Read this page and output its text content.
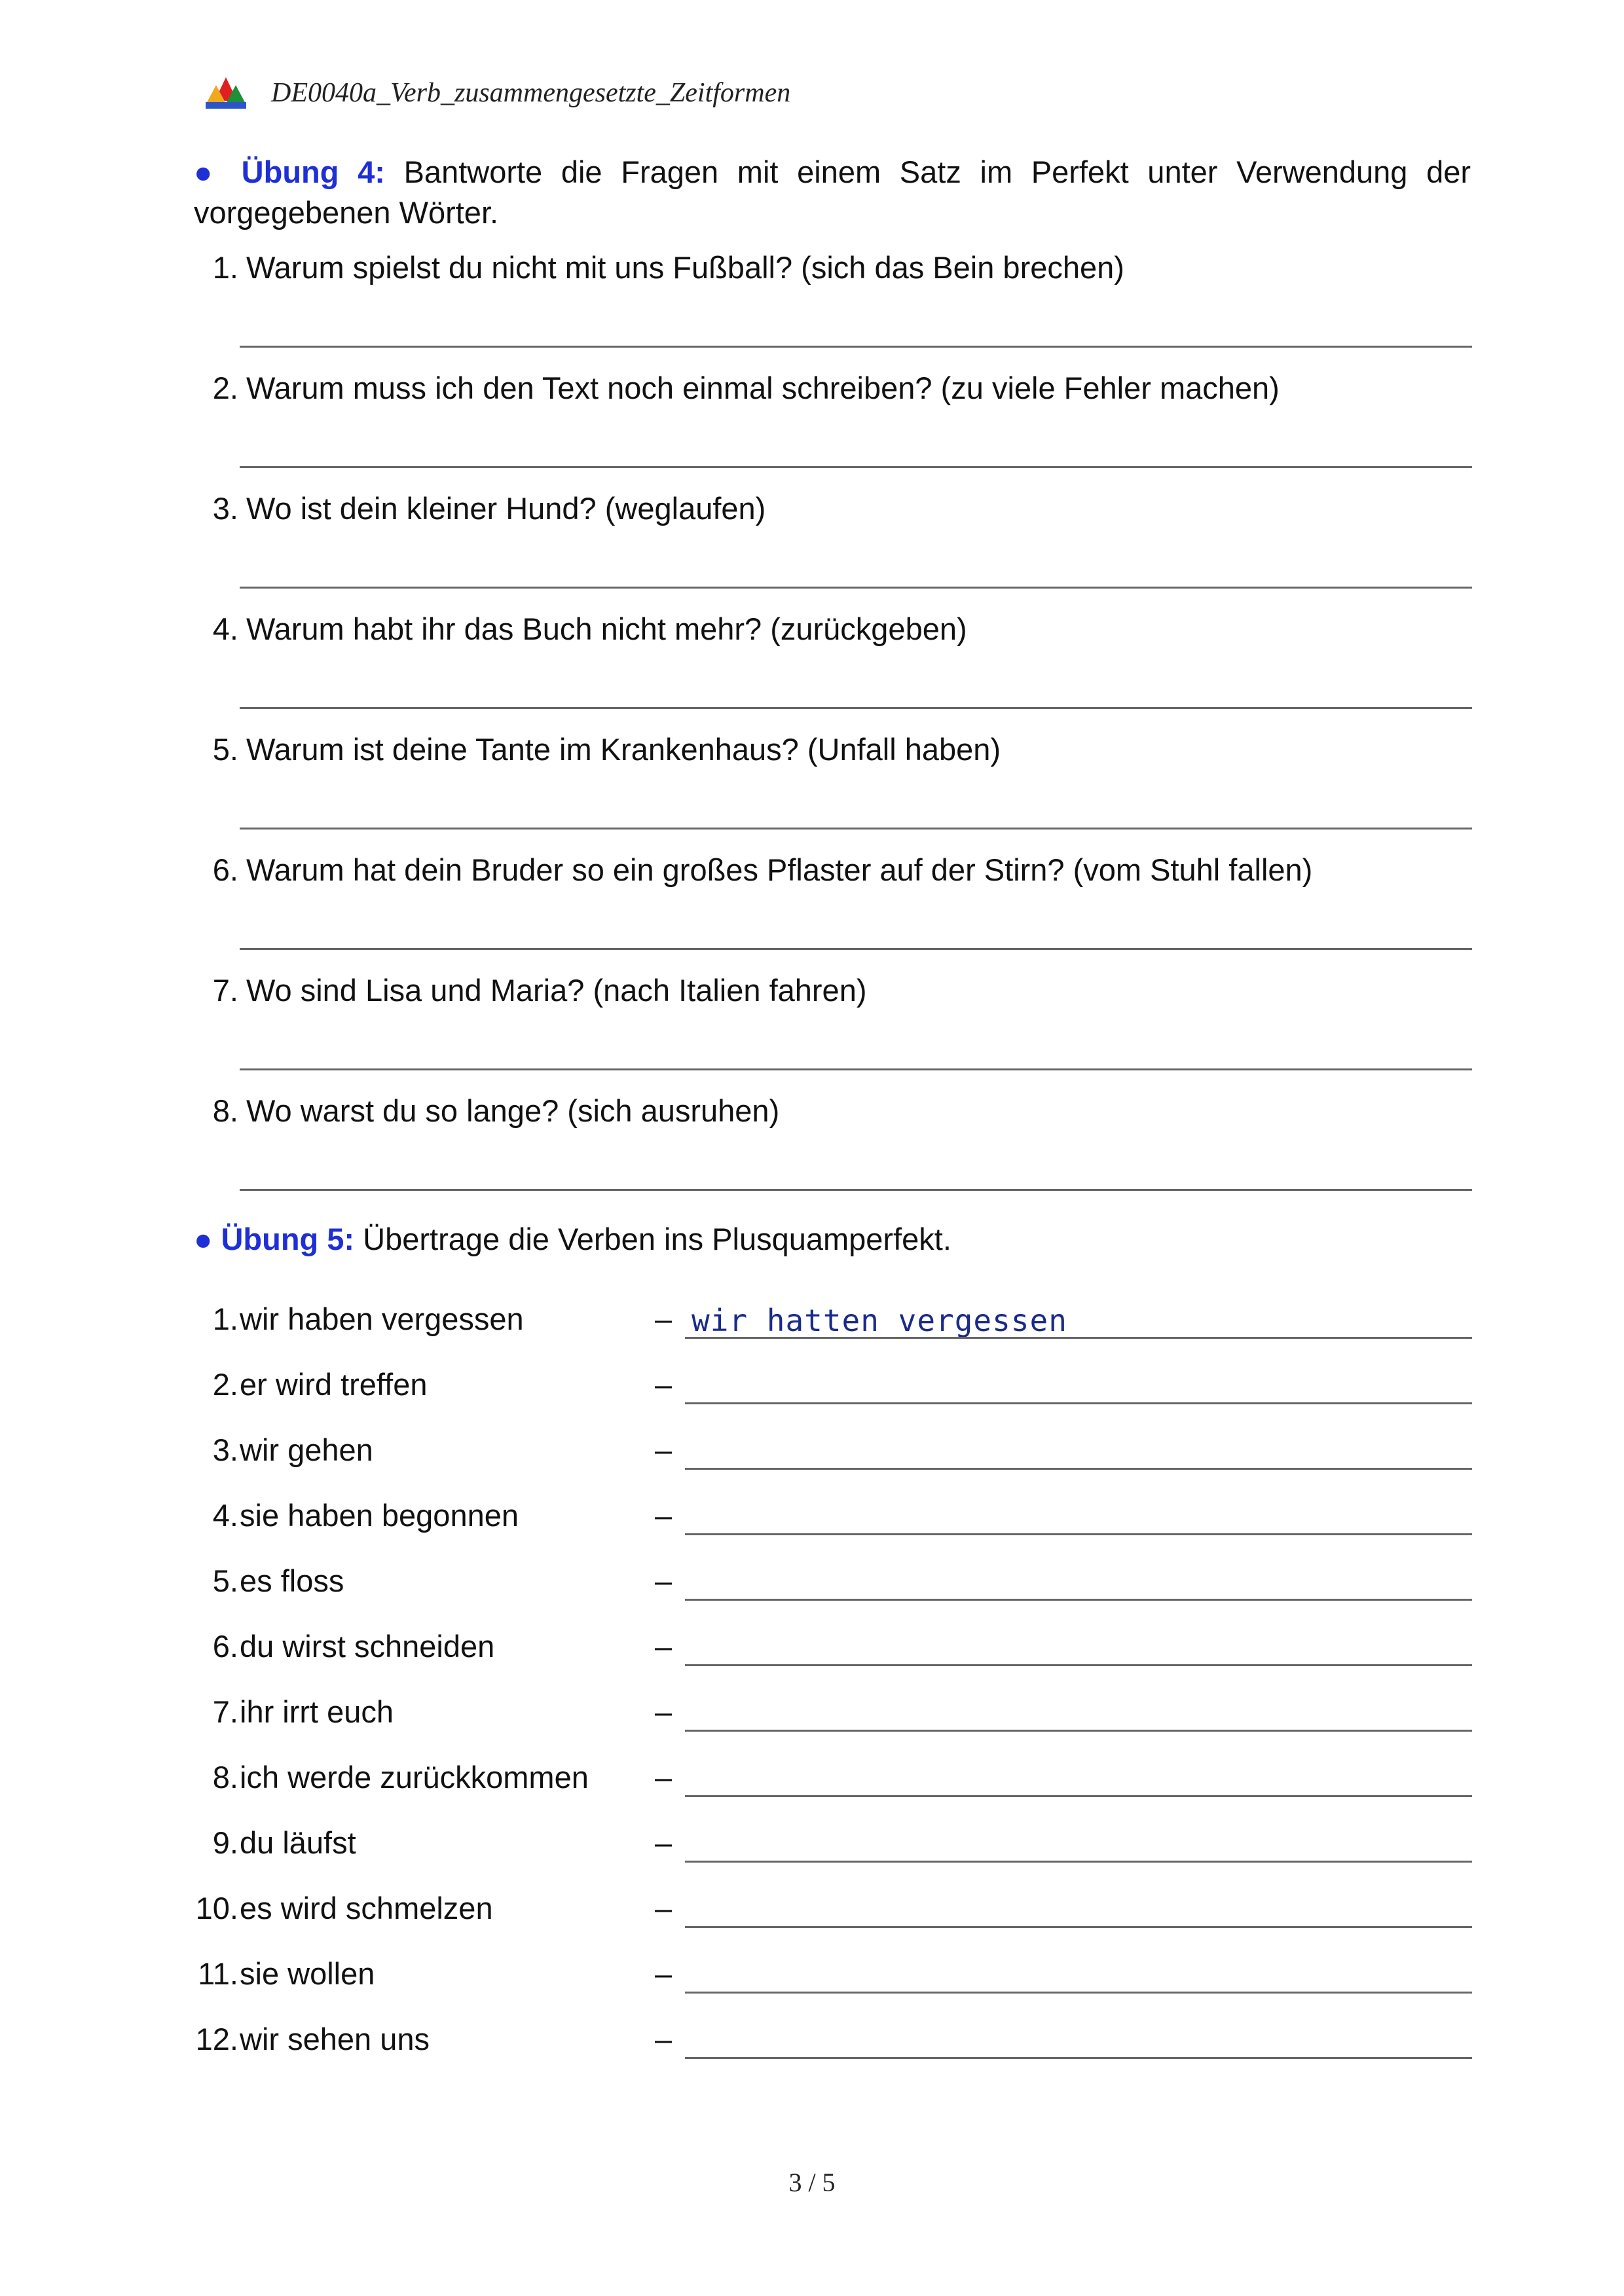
DE0040a_Verb_zusammengesetzte_Zeitformen
● Übung 4: Bantworte die Fragen mit einem Satz im Perfekt unter Verwendung der vorgegebenen Wörter.
1. Warum spielst du nicht mit uns Fußball? (sich das Bein brechen)
2. Warum muss ich den Text noch einmal schreiben? (zu viele Fehler machen)
3. Wo ist dein kleiner Hund? (weglaufen)
4. Warum habt ihr das Buch nicht mehr? (zurückgeben)
5. Warum ist deine Tante im Krankenhaus? (Unfall haben)
6. Warum hat dein Bruder so ein großes Pflaster auf der Stirn? (vom Stuhl fallen)
7. Wo sind Lisa und Maria? (nach Italien fahren)
8. Wo warst du so lange? (sich ausruhen)
● Übung 5: Übertrage die Verben ins Plusquamperfekt.
1. wir haben vergessen	– wir hatten vergessen
2. er wird treffen	–
3. wir gehen	–
4. sie haben begonnen	–
5. es floss	–
6. du wirst schneiden	–
7. ihr irrt euch	–
8. ich werde zurückkommen –
9. du läufst	–
10. es wird schmelzen	–
11. sie wollen	–
12. wir sehen uns	–
3 / 5
